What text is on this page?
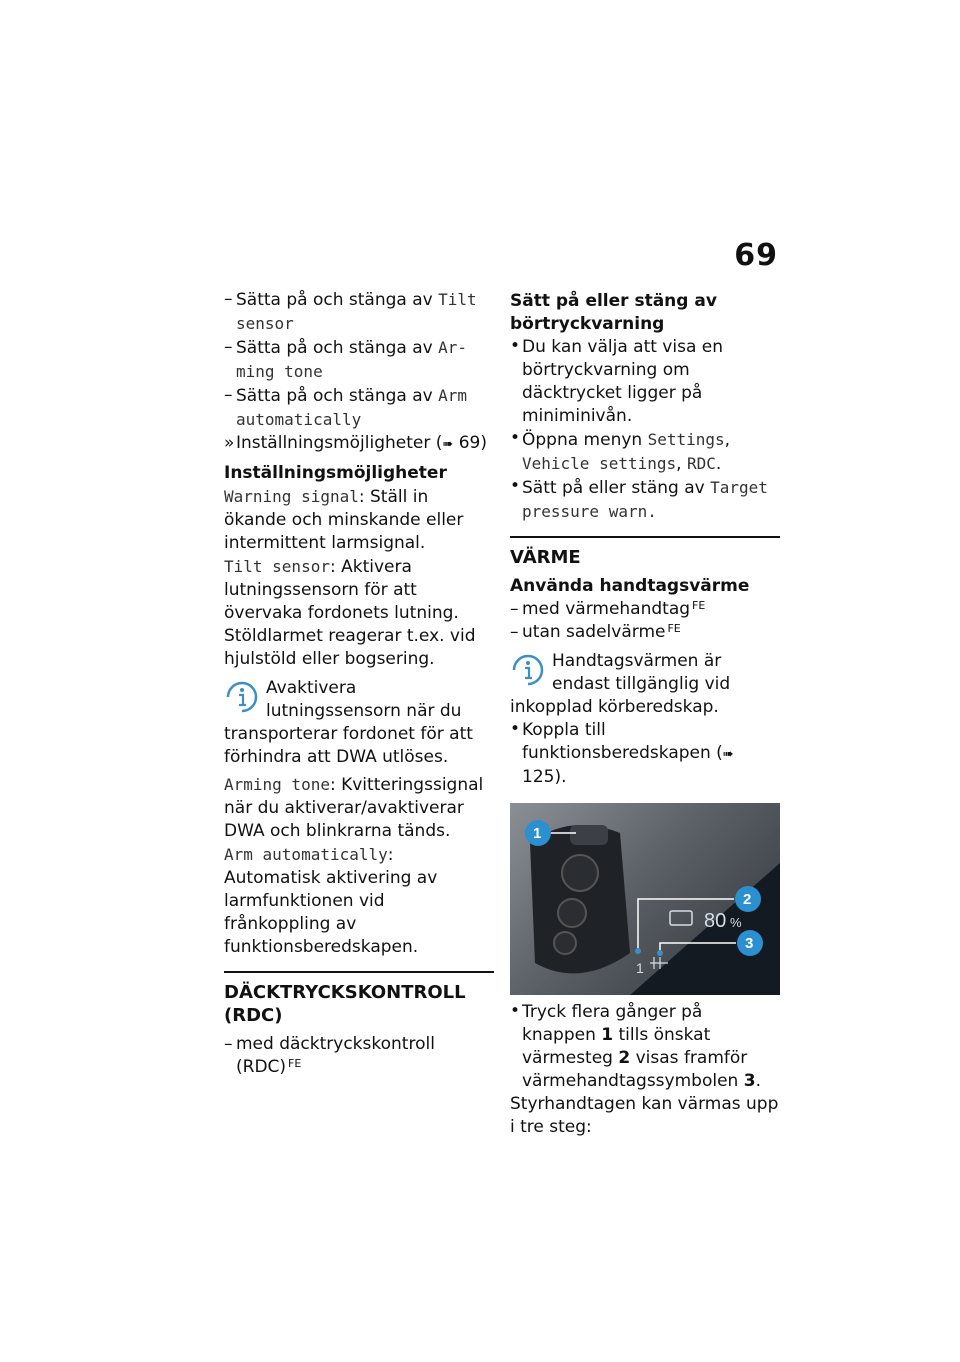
69
– Sätta på och stänga av Tilt sensor
– Sätta på och stänga av Ar-ming tone
– Sätta på och stänga av Arm automatically
» Inställningsmöjligheter (➠ 69)
Inställningsmöjligheter
Warning signal: Ställ in ökande och minskande eller intermittent larmsignal.
Tilt sensor: Aktivera lutningssensorn för att övervaka fordonets lutning. Stöldlarmet reagerar t.ex. vid hjulstöld eller bogsering.
Avaktivera lutningssensorn när du transporterar fordonet för att förhindra att DWA utlöses.
Arming tone: Kvitteringssignal när du aktiverar/avaktiverar DWA och blinkrarna tänds.
Arm automatically: Automatisk aktivering av larmfunktionen vid frånkoppling av funktionsberedskapen.
DÄCKTRYCKSKONTROLL (RDC)
– med däcktryckskontroll (RDC) $^{FE}$
Sätt på eller stäng av börtryckvarning
• Du kan välja att visa en börtryckvarning om däcktrycket ligger på miniminivån.
• Öppna menyn Settings, Vehicle settings, RDC.
• Sätt på eller stäng av Target pressure warn.
VÄRME
Använda handtagsvärme
– med värmehandtag $^{FE}$
– utan sadelvärme $^{FE}$
Handtagsvärmen är endast tillgänglig vid inkopplad körberedskap.
• Koppla till funktionsberedskapen (➠ 125).
80 %
1
1
2
3
• Tryck flera gånger på knappen 1 tills önskat värmesteg 2 visas framför värmehandtagssymbolen 3.
Styrhandtagen kan värmas upp i tre steg:
